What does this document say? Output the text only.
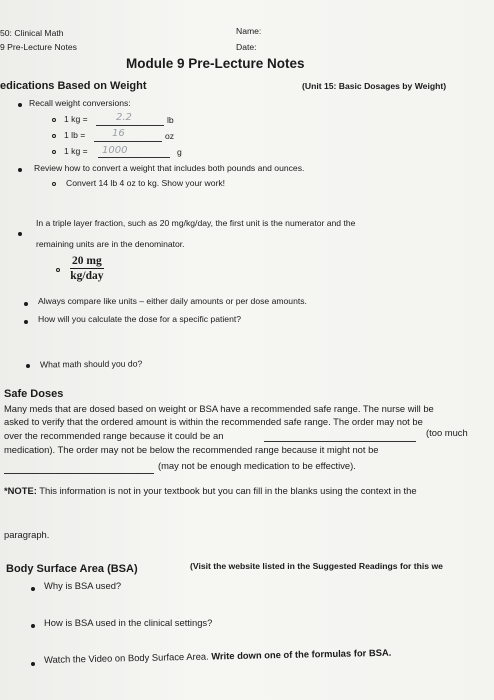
50: Clinical Math
9 Pre-Lecture Notes
Name:
Date:
Module 9 Pre-Lecture Notes
edications Based on Weight	(Unit 15: Basic Dosages by Weight)
Recall weight conversions:
1 kg =	2.2	lb
1 lb =	16	oz
1 kg = 1000	g
Review how to convert a weight that includes both pounds and ounces.
Convert 14 lb 4 oz to kg. Show your work!
In a triple layer fraction, such as 20 mg/kg/day, the first unit is the numerator and the
remaining units are in the denominator.
20 mg
kg/day
Always compare like units – either daily amounts or per dose amounts.
How will you calculate the dose for a specific patient?
What math should you do?
Safe Doses
Many meds that are dosed based on weight or BSA have a recommended safe range. The nurse will be
asked to verify that the ordered amount is within the recommended safe range. The order may not be
over the recommended range because it could be an	(too much
medication). The order may not be below the recommended range because it might not be
(may not be enough medication to be effective).
*NOTE: This information is not in your textbook but you can fill in the blanks using the context in the
paragraph.
Body Surface Area (BSA)	(Visit the website listed in the Suggested Readings for this we
Why is BSA used?
How is BSA used in the clinical settings?
Watch the Video on Body Surface Area. Write down one of the formulas for BSA.
